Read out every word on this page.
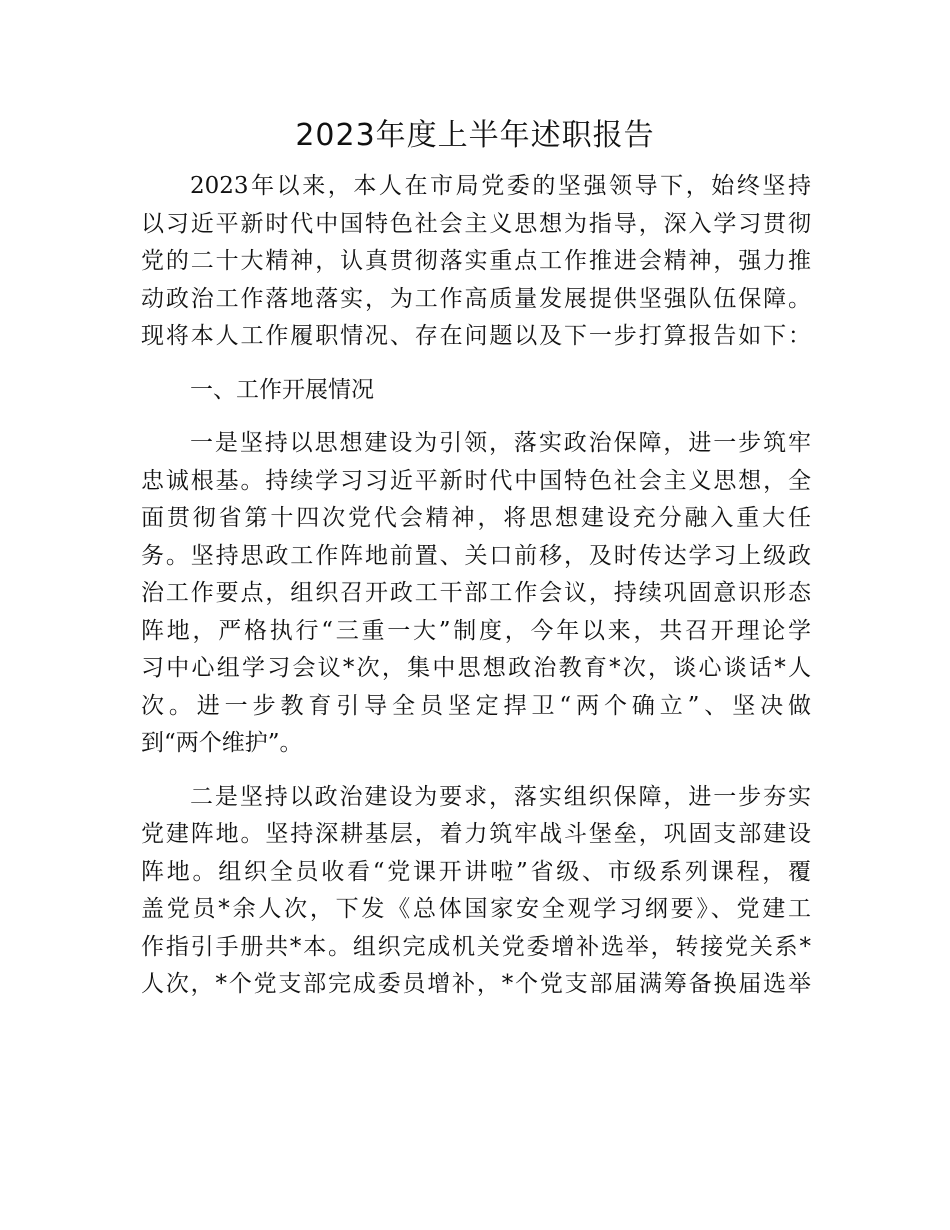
2023年度上半年述职报告

2023年以来，本人在市局党委的坚强领导下，始终坚持
以习近平新时代中国特色社会主义思想为指导，深入学习贯彻
党的二十大精神，认真贯彻落实重点工作推进会精神，强力推
动政治工作落地落实，为工作高质量发展提供坚强队伍保障。
现将本人工作履职情况、存在问题以及下一步打算报告如下：

一、工作开展情况

一是坚持以思想建设为引领，落实政治保障，进一步筑牢
忠诚根基。持续学习习近平新时代中国特色社会主义思想，全
面贯彻省第十四次党代会精神，将思想建设充分融入重大任
务。坚持思政工作阵地前置、关口前移，及时传达学习上级政
治工作要点，组织召开政工干部工作会议，持续巩固意识形态
阵地，严格执行“三重一大”制度，今年以来，共召开理论学
习中心组学习会议*次，集中思想政治教育*次，谈心谈话*人
次。进一步教育引导全员坚定捍卫“两个确立”、坚决做
到“两个维护”。

二是坚持以政治建设为要求，落实组织保障，进一步夯实
党建阵地。坚持深耕基层，着力筑牢战斗堡垒，巩固支部建设
阵地。组织全员收看“党课开讲啦”省级、市级系列课程，覆
盖党员*余人次，下发《总体国家安全观学习纲要》、党建工
作指引手册共*本。组织完成机关党委增补选举，转接党关系*
人次，*个党支部完成委员增补，*个党支部届满筹备换届选举
